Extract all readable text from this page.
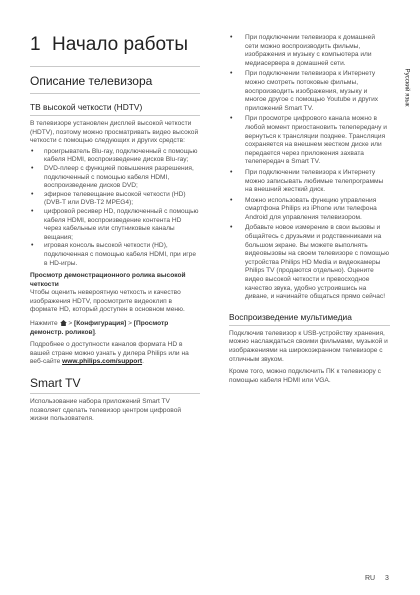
Русский язык
1 Начало работы
Описание телевизора
ТВ высокой четкости (HDTV)

В телевизоре установлен дисплей высокой четкости (HDTV), поэтому можно просматривать видео высокой четкости с помощью следующих и других средств:

• проигрыватель Blu-ray, подключенный с помощью кабеля HDMI, воспроизведение дисков Blu-ray;
• DVD-плеер с функцией повышения разрешения, подключенный с помощью кабеля HDMI, воспроизведение дисков DVD;
• эфирное телевещание высокой четкости (HD) (DVB-T или DVB-T2 MPEG4);
• цифровой ресивер HD, подключенный с помощью кабеля HDMI, воспроизведение контента HD через кабельные или спутниковые каналы вещания;
• игровая консоль высокой четкости (HD), подключенная с помощью кабеля HDMI, при игре в HD-игры.

Просмотр демонстрационного ролика высокой четкости

Чтобы оценить невероятную четкость и качество изображения HDTV, просмотрите видеоклип в формате HD, который доступен в основном меню.

Нажмите  > [Конфигурация] > [Просмотр демонстр. роликов].

Подробнее о доступности каналов формата HD в вашей стране можно узнать у дилера Philips или на веб-сайте www.philips.com/support.

Smart TV

Использование набора приложений Smart TV позволяет сделать телевизор центром цифровой жизни пользователя.

• При подключении телевизора к домашней сети можно воспроизводить фильмы, изображения и музыку с компьютера или медиасервера в домашней сети.
• При подключении телевизора к Интернету можно смотреть потоковые фильмы, воспроизводить изображения, музыку и многое другое с помощью Youtube и других приложений Smart TV.
• При просмотре цифрового канала можно в любой момент приостановить телепередачу и вернуться к трансляции позднее. Трансляция сохраняется на внешнем жестком диске или передается через приложения захвата телепередач в Smart TV.
• При подключении телевизора к Интернету можно записывать любимые телепрограммы на внешний жесткий диск.
• Можно использовать функцию управления смартфона Philips из iPhone или телефона Android для управления телевизором.
• Добавьте новое измерение в свои вызовы и общайтесь с друзьями и родственниками на большом экране. Вы можете выполнять видеовызовы на своем телевизоре с помощью устройства Philips HD Media и видеокамеры Philips TV (продаются отдельно). Оцените видео высокой четкости и превосходное качество звука, удобно устроившись на диване, и начинайте общаться прямо сейчас!
Воспроизведение мультимедиа

Подключив телевизор к USB-устройству хранения, можно наслаждаться своими фильмами, музыкой и изображениями на широкоэкранном телевизоре с отличным звуком.

Кроме того, можно подключить ПК к телевизору с помощью кабеля HDMI или VGA.

RU 3
